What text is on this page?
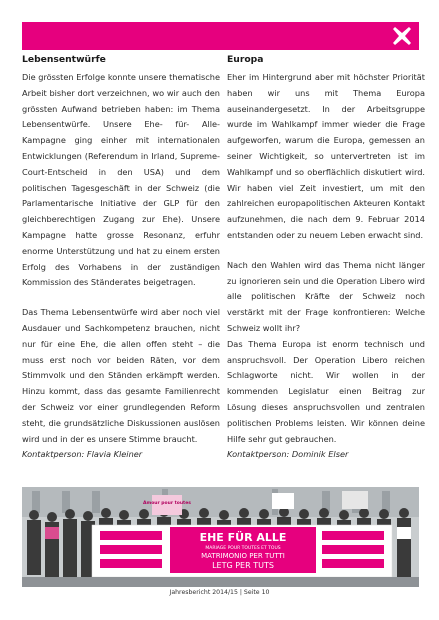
Lebensentwürfe

Die grössten Erfolge konnte unsere thematische Arbeit bisher dort verzeichnen, wo wir auch den grössten Aufwand betrieben haben: im Thema Lebensentwürfe. Unsere Ehe- für- Alle- Kampagne ging einher mit internationalen Entwicklungen (Referendum in Irland, Supreme-Court-Entscheid in den USA) und dem politischen Tagesgeschäft in der Schweiz (die Parlamentarische Initiative der GLP für den gleichberechtigen Zugang zur Ehe). Unsere Kampagne hatte grosse Resonanz, erfuhr enorme Unterstützung und hat zu einem ersten Erfolg des Vorhabens in der zuständigen Kommission des Ständerates beigetragen.

Das Thema Lebensentwürfe wird aber noch viel Ausdauer und Sachkompetenz brauchen, nicht nur für eine Ehe, die allen offen steht – die muss erst noch vor beiden Räten, vor dem Stimmvolk und den Ständen erkämpft werden. Hinzu kommt, dass das gesamte Familienrecht der Schweiz vor einer grundlegenden Reform steht, die grundsätzliche Diskussionen auslösen wird und in der es unsere Stimme braucht.

Kontaktperson: Flavia Kleiner

Europa

Eher im Hintergrund aber mit höchster Priorität haben wir uns mit Thema Europa auseinandergesetzt. In der Arbeitsgruppe wurde im Wahlkampf immer wieder die Frage aufgeworfen, warum die Europa, gemessen an seiner Wichtigkeit, so untervertreten ist im Wahlkampf und so oberflächlich diskutiert wird. Wir haben viel Zeit investiert, um mit den zahlreichen europapolitischen Akteuren Kontakt aufzunehmen, die nach dem 9. Februar 2014 entstanden oder zu neuem Leben erwacht sind.

Nach den Wahlen wird das Thema nicht länger zu ignorieren sein und die Operation Libero wird alle politischen Kräfte der Schweiz noch verstärkt mit der Frage konfrontieren: Welche Schweiz wollt ihr?

Das Thema Europa ist enorm technisch und anspruchsvoll. Der Operation Libero reichen Schlagworte nicht. Wir wollen in der kommenden Legislatur einen Beitrag zur Lösung dieses anspruchsvollen und zentralen politischen Problems leisten. Wir können deine Hilfe sehr gut gebrauchen.

Kontaktperson: Dominik Elser

Amour pour toutes
EHE FÜR ALLE
MARIAGE POUR TOUTES ET TOUS
MATRIMONIO PER TUTTI
LETG PER TUTS
Jahresbericht 2014/15 | Seite 10
